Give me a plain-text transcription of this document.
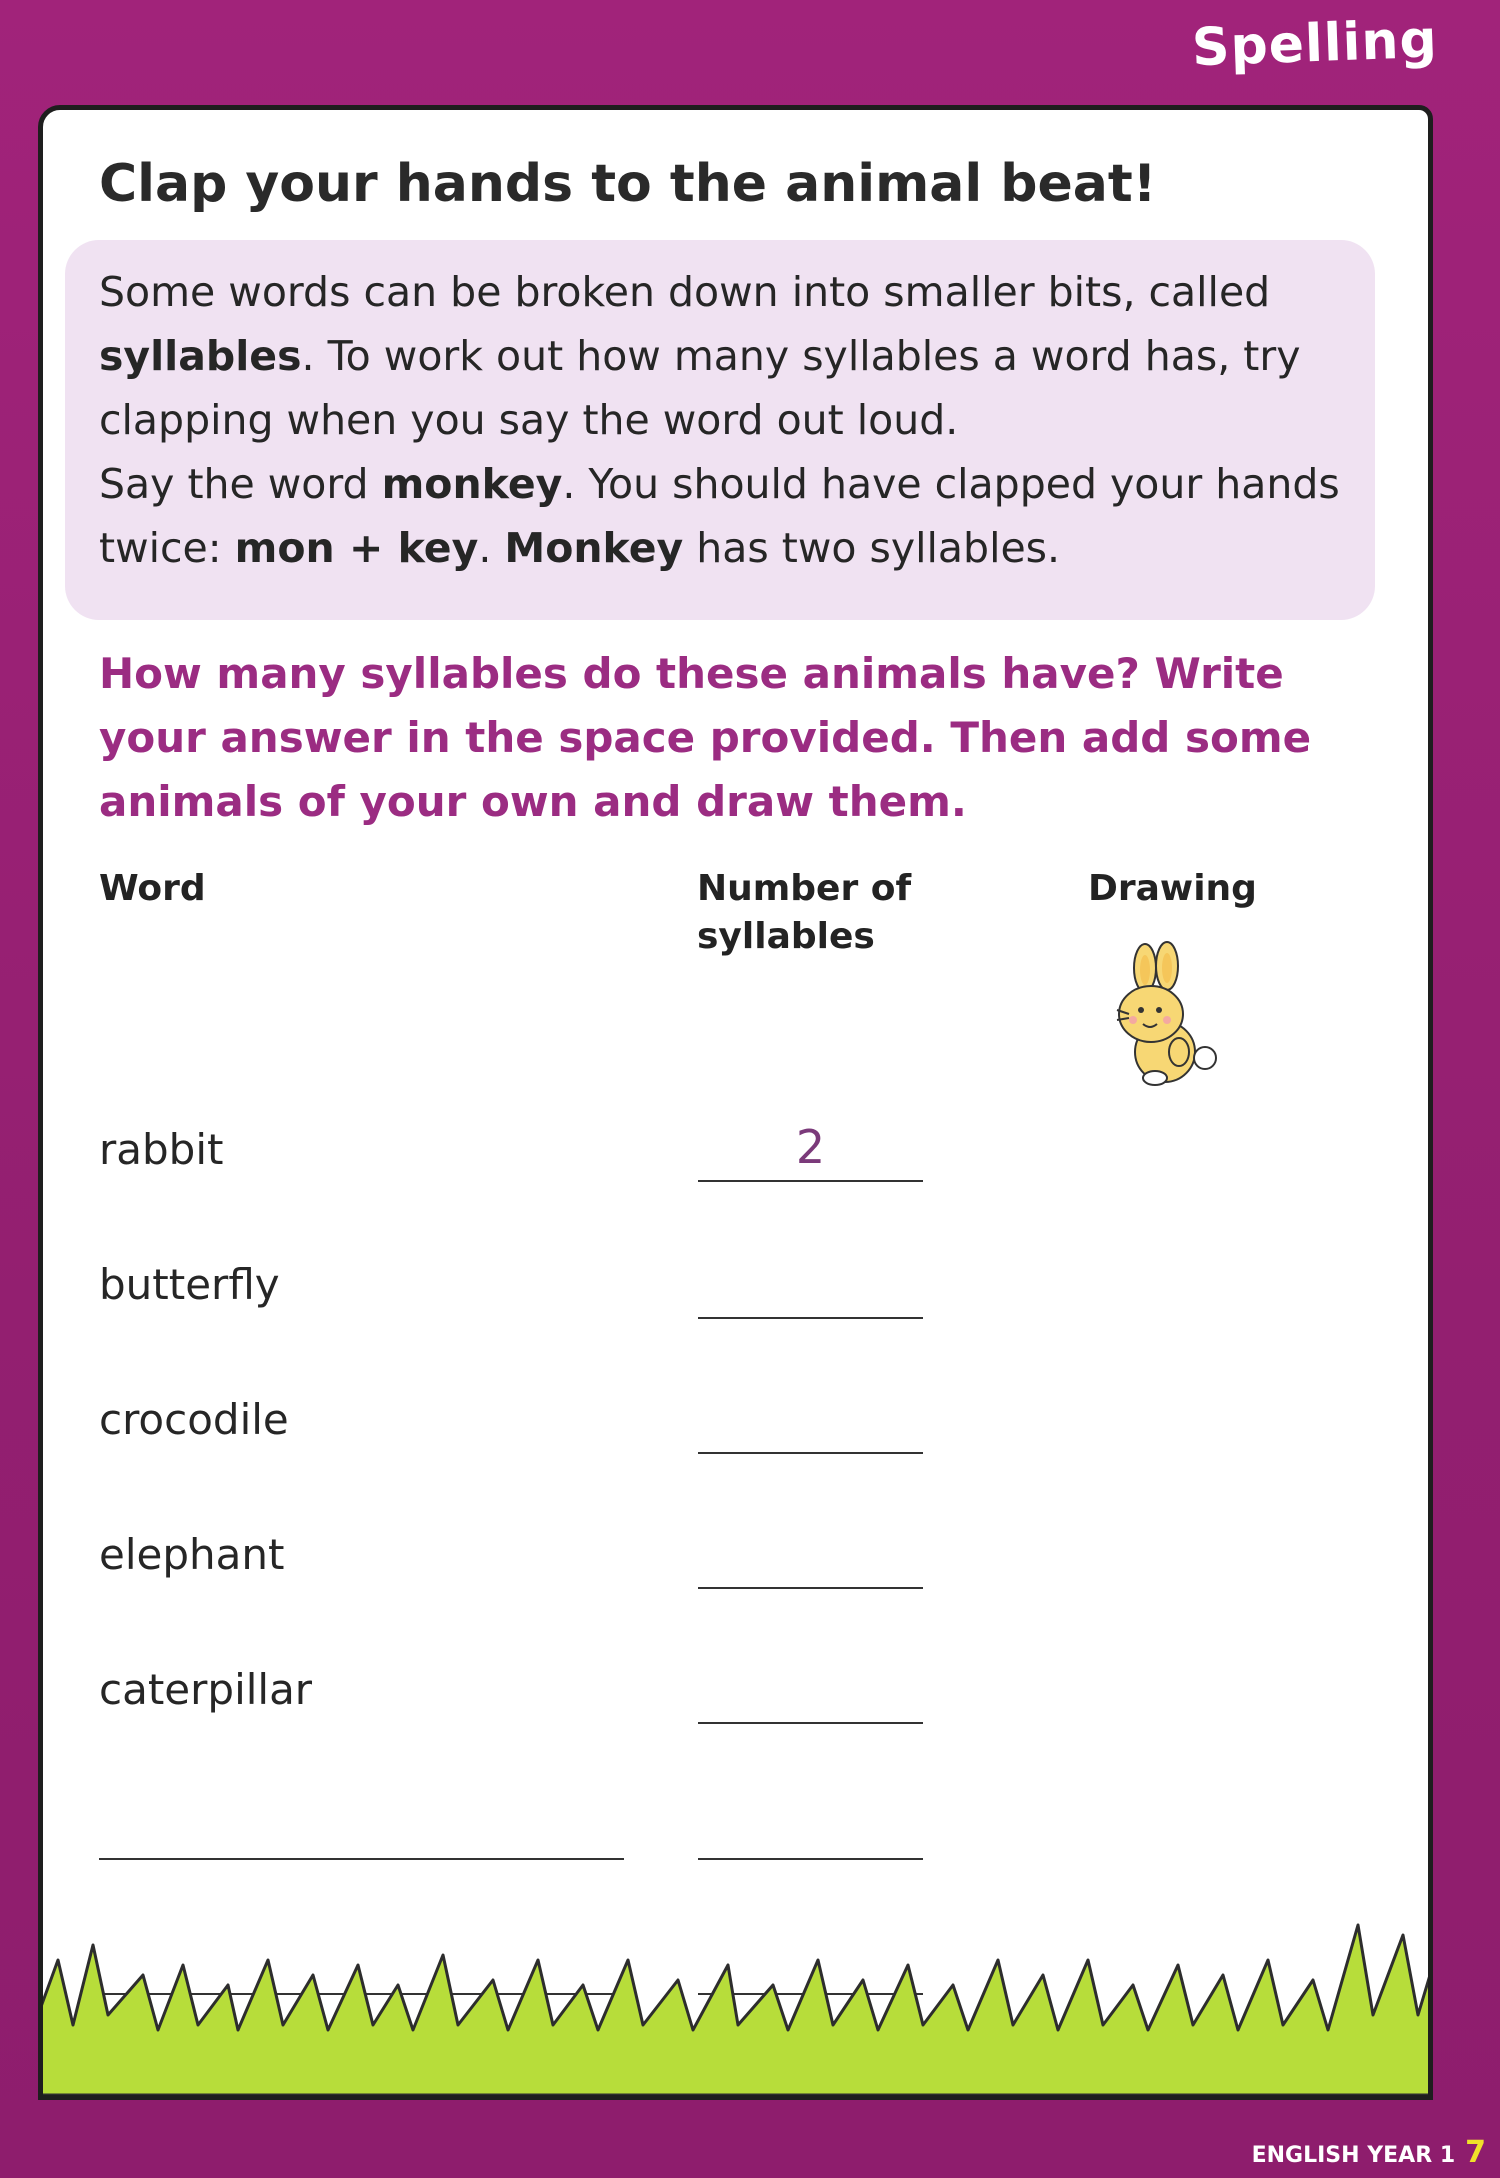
Spelling
Clap your hands to the animal beat!
Some words can be broken down into smaller bits, called syllables. To work out how many syllables a word has, try clapping when you say the word out loud.
Say the word monkey. You should have clapped your hands twice: mon + key. Monkey has two syllables.
How many syllables do these animals have? Write your answer in the space provided. Then add some animals of your own and draw them.
Word	Number of syllables
Drawing
rabbit	2
butterfly
crocodile
elephant
caterpillar
ENGLISH YEAR 1 7
